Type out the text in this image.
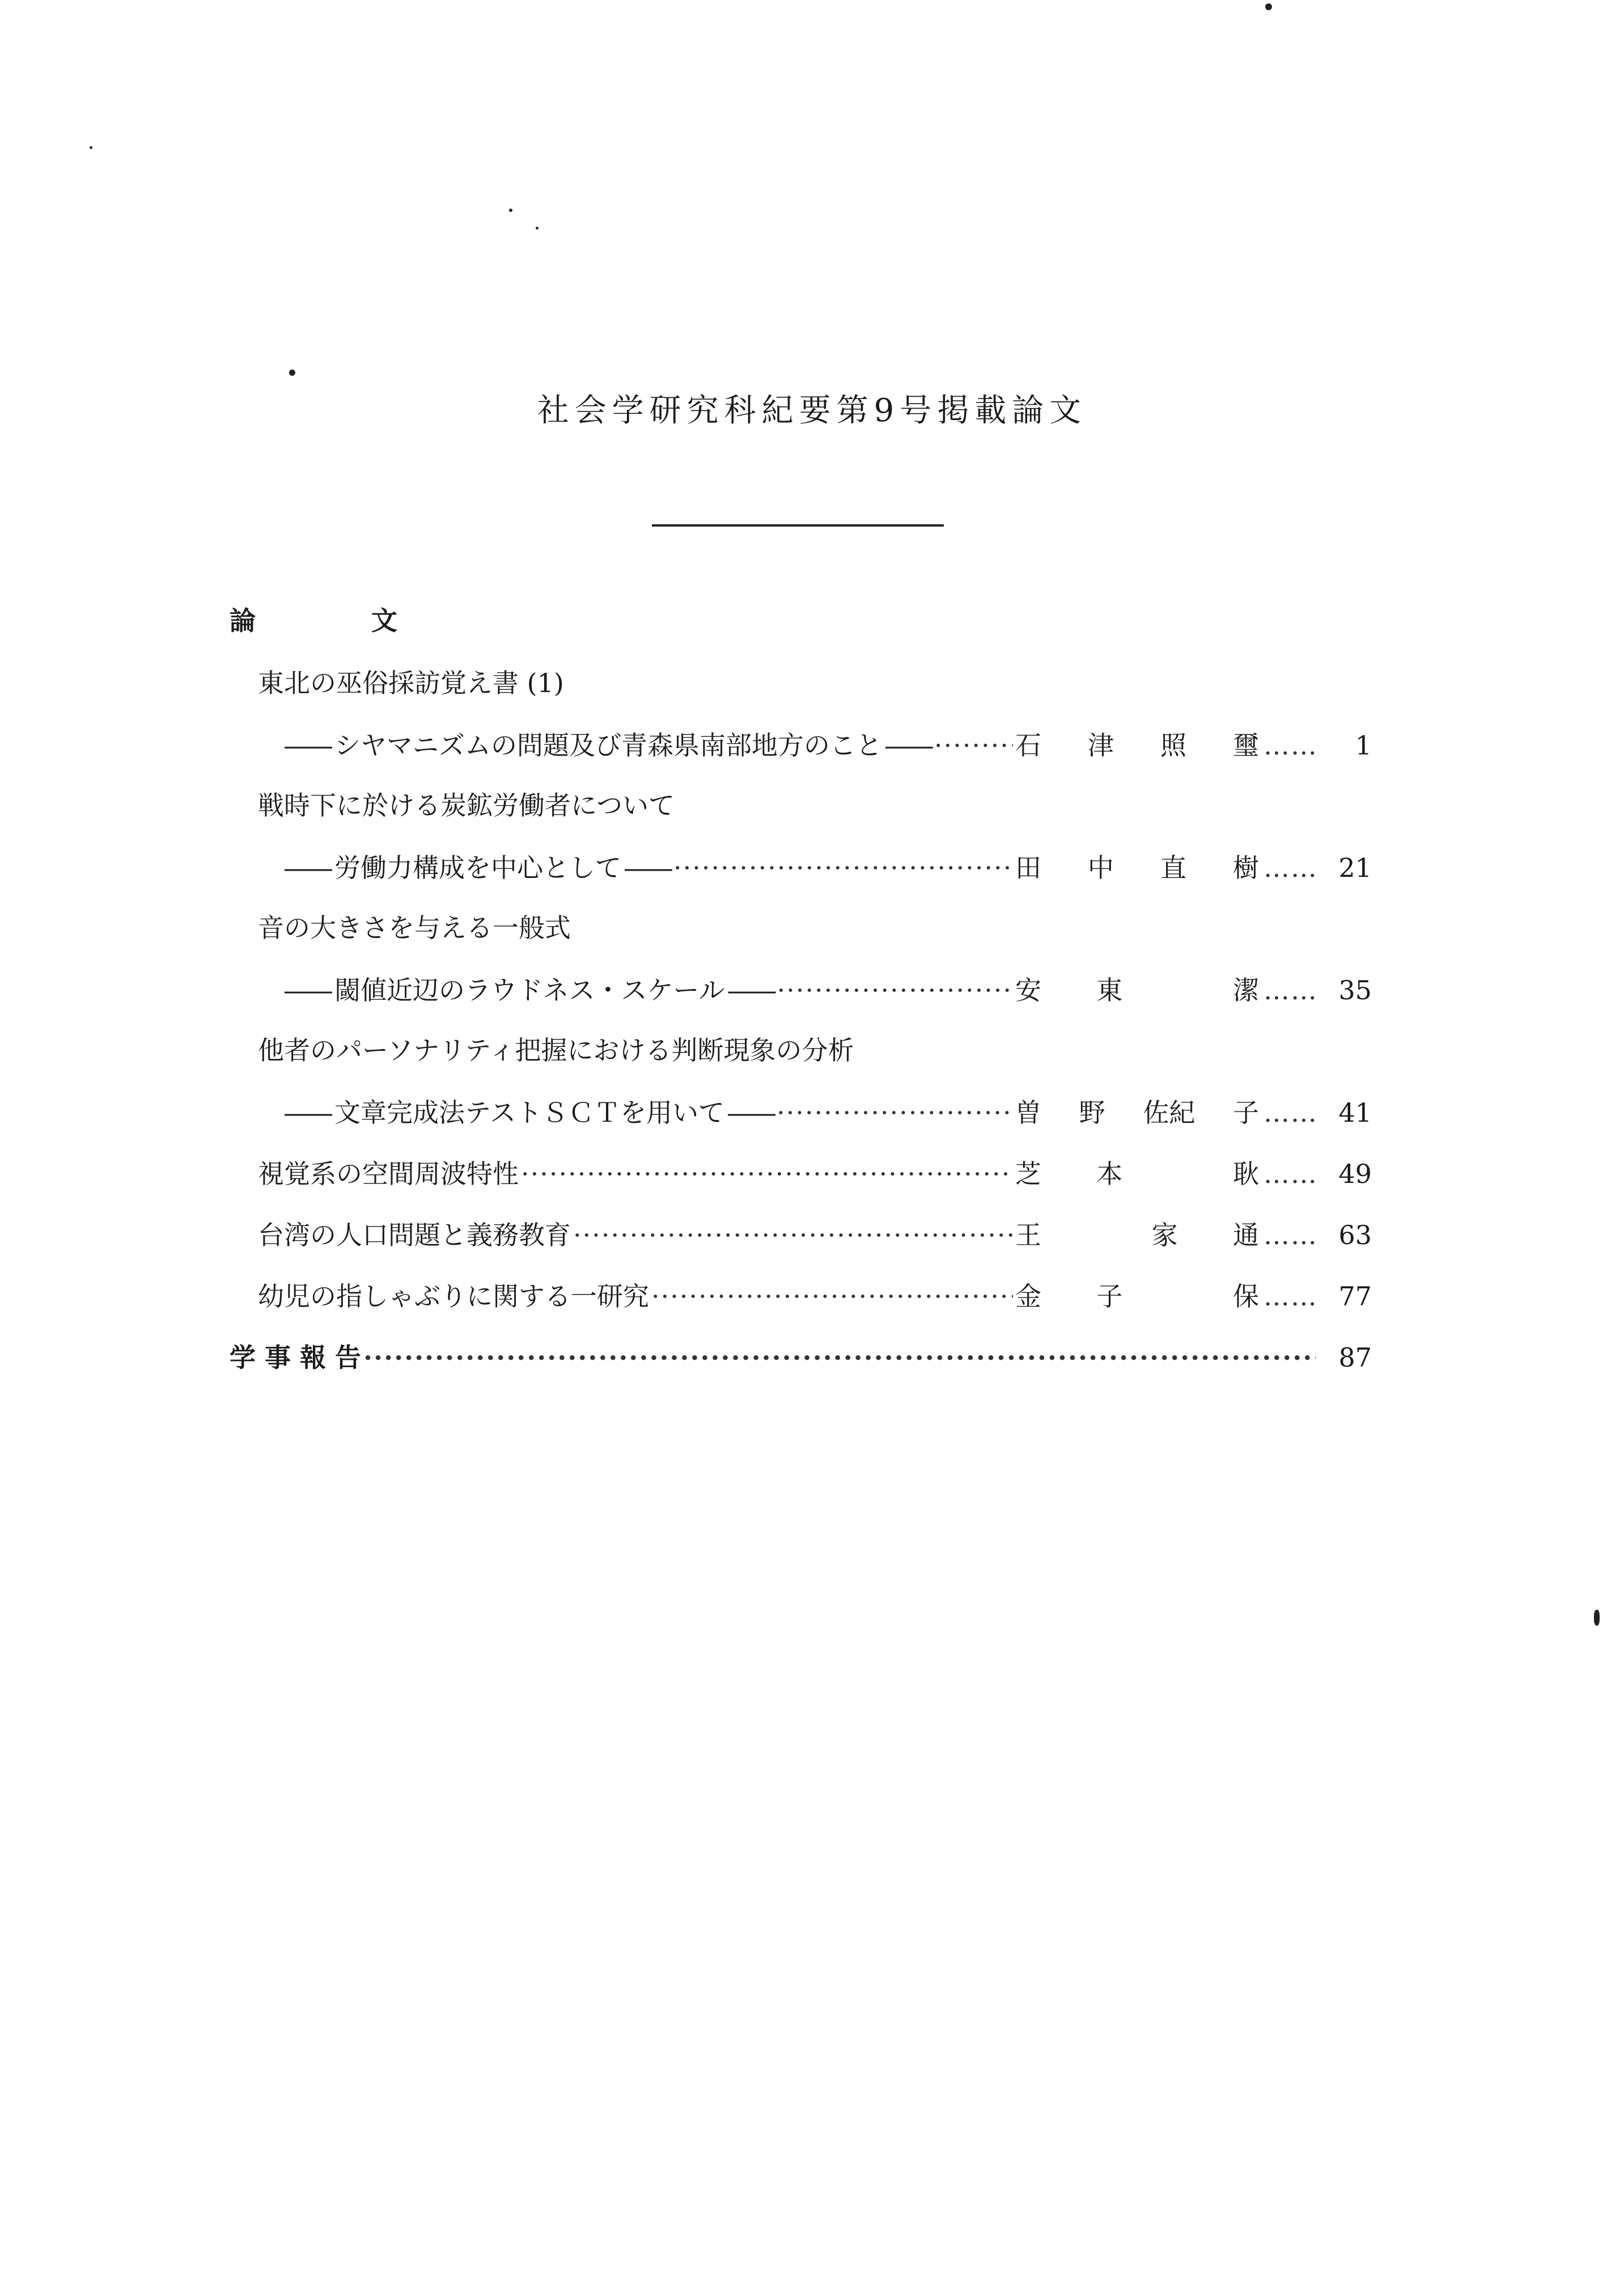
社会学研究科紀要第9号掲載論文
論	文
東北の巫俗採訪覚え書 (1)
—— シヤマニズムの問題及び青森県南部地方のこと—— ·····	石 津 照 璽 ……	1
戦時下に於ける炭鉱労働者について
—— 労働力構成を中心として—— ·····	田 中 直 樹 …… 21
音の大きさを与える一般式
—— 閾値近辺のラウドネス・スケール—— ·····	安 東	潔 …… 35
他者のパーソナリティ把握における判断現象の分析
—— 文章完成法テストＳＣＴを用いて—— ·····	曽 野 佐紀 子 …… 41
視覚系の空間周波特性 ·····	芝 本	耿 …… 49
台湾の人口問題と義務教育 ·····	王	家 通 …… 63
幼児の指しゃぶりに関する一研究 ·····	金 子	保 …… 77
学 事 報 告 ·····	87
